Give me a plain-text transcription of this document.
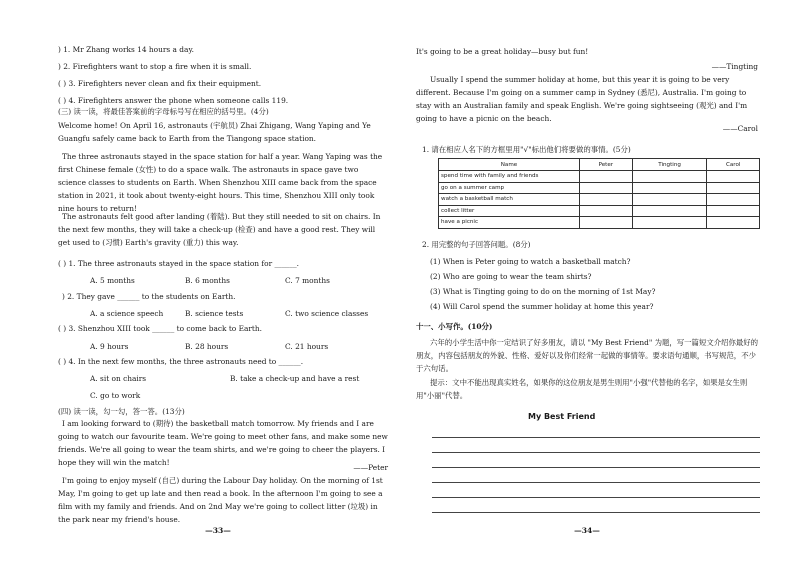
) 1. Mr Zhang works 14 hours a day.
) 2. Firefighters want to stop a fire when it is small.
( ) 3. Firefighters never clean and fix their equipment.
( ) 4. Firefighters answer the phone when someone calls 119.
(三) 读一读，将最佳答案前的字母标号写在相应的括号里。(4分)
Welcome home! On April 16, astronauts (宇航员) Zhai Zhigang, Wang Yaping and Ye Guangfu safely came back to Earth from the Tiangong space station.
The three astronauts stayed in the space station for half a year. Wang Yaping was the first Chinese female (女性) to do a space walk. The astronauts in space gave two science classes to students on Earth. When Shenzhou XIII came back from the space station in 2021, it took about twenty-eight hours. This time, Shenzhou XIII only took nine hours to return!
The astronauts felt good after landing (着陆). But they still needed to sit on chairs. In the next few months, they will take a check-up (检查) and have a good rest. They will get used to (习惯) Earth's gravity (重力) this way.
( ) 1. The three astronauts stayed in the space station for ______.
A. 5 months	B. 6 months	C. 7 months
) 2. They gave ______ to the students on Earth.
A. a science speech	B. science tests	C. two science classes
( ) 3. Shenzhou XIII took ______ to come back to Earth.
A. 9 hours	B. 28 hours	C. 21 hours
( ) 4. In the next few months, the three astronauts need to ______.
A. sit on chairs	B. take a check-up and have a rest
C. go to work
(四) 读一读，勾一勾，答一答。(13分)
I am looking forward to (期待) the basketball match tomorrow. My friends and I are going to watch our favourite team. We're going to meet other fans, and make some new friends. We're all going to wear the team shirts, and we're going to cheer the players. I hope they will win the match!
——Peter
I'm going to enjoy myself (自己) during the Labour Day holiday. On the morning of 1st May, I'm going to get up late and then read a book. In the afternoon I'm going to see a film with my family and friends. And on 2nd May we're going to collect litter (垃圾) in the park near my friend's house.
—33—
It's going to be a great holiday—busy but fun!
——Tingting
Usually I spend the summer holiday at home, but this year it is going to be very different. Because I'm going on a summer camp in Sydney (悉尼), Australia. I'm going to stay with an Australian family and speak English. We're going sightseeing (观光) and I'm going to have a picnic on the beach.
——Carol
1. 请在相应人名下的方框里用"√"标出他们将要做的事情。(5分)
Name	Peter	Tingting	Carol
spend time with family and friends			
go on a summer camp			
watch a basketball match			
collect litter			
have a picnic			
2. 用完整的句子回答问题。(8分)
(1) When is Peter going to watch a basketball match?
(2) Who are going to wear the team shirts?
(3) What is Tingting going to do on the morning of 1st May?
(4) Will Carol spend the summer holiday at home this year?
十一、小写作。(10分)
六年的小学生活中你一定结识了好多朋友，请以 "My Best Friend" 为题，写一篇短文介绍你最好的朋友，内容包括朋友的外貌、性格、爱好以及你们经常一起做的事情等。要求语句通顺，书写规范，不少于六句话。
提示：文中不能出现真实姓名，如果你的这位朋友是男生则用"小强"代替他的名字，如果是女生则用"小丽"代替。
My Best Friend
—34—
